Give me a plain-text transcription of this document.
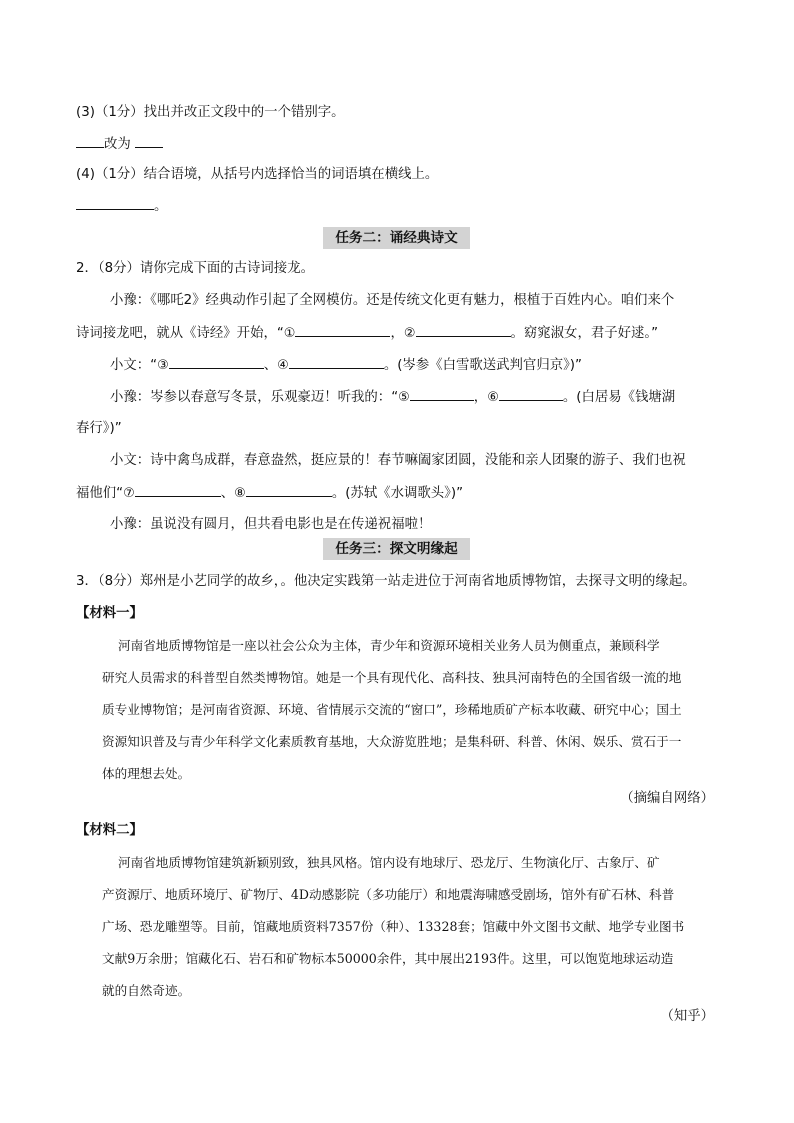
(3)（1分）找出并改正文段中的一个错别字。
改为
(4)（1分）结合语境，从括号内选择恰当的词语填在横线上。
。
任务二：诵经典诗文
2．（8分）请你完成下面的古诗词接龙。
小豫：《哪吒2》经典动作引起了全网模仿。还是传统文化更有魅力，根植于百姓内心。咱们来个
诗词接龙吧，就从《诗经》开始，“①	，②	。窈窕淑女，君子好逑。”
小文：“③	、④	。(岑参《白雪歌送武判官归京》)”
小豫：岑参以春意写冬景，乐观豪迈！听我的：“⑤	，⑥	。(白居易《钱塘湖
春行》)”
小文：诗中禽鸟成群，春意盎然，挺应景的！春节嘛阖家团圆，没能和亲人团聚的游子、我们也祝
福他们“⑦	、⑧	。(苏轼《水调歌头》)”
小豫：虽说没有圆月，但共看电影也是在传递祝福啦！
任务三：探文明缘起
3．（8分）郑州是小艺同学的故乡，。他决定实践第一站走进位于河南省地质博物馆，去探寻文明的缘起。
【材料一】
河南省地质博物馆是一座以社会公众为主体，青少年和资源环境相关业务人员为侧重点，兼顾科学
研究人员需求的科普型自然类博物馆。她是一个具有现代化、高科技、独具河南特色的全国省级一流的地
质专业博物馆；是河南省资源、环境、省情展示交流的“窗口”，珍稀地质矿产标本收藏、研究中心；国土
资源知识普及与青少年科学文化素质教育基地，大众游览胜地；是集科研、科普、休闲、娱乐、赏石于一
体的理想去处。
（摘编自网络）
【材料二】
河南省地质博物馆建筑新颖别致，独具风格。馆内设有地球厅、恐龙厅、生物演化厅、古象厅、矿
产资源厅、地质环境厅、矿物厅、4D动感影院（多功能厅）和地震海啸感受剧场，馆外有矿石林、科普
广场、恐龙雕塑等。目前，馆藏地质资料7357份（种）、13328套；馆藏中外文图书文献、地学专业图书
文献9万余册；馆藏化石、岩石和矿物标本50000余件，其中展出2193件。这里，可以饱览地球运动造
就的自然奇迹。
（知乎）
